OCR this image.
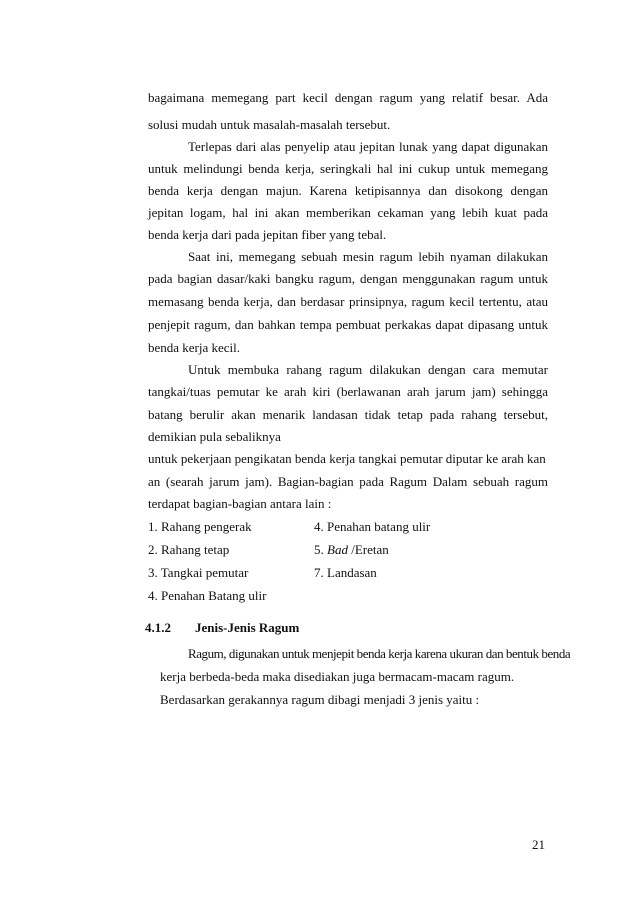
bagaimana memegang part kecil dengan ragum yang relatif besar. Ada

solusi mudah untuk masalah-masalah tersebut.

Terlepas dari alas penyelip atau jepitan lunak yang dapat digunakan

untuk melindungi benda kerja, seringkali hal ini cukup untuk memegang

benda kerja dengan majun. Karena ketipisannya dan disokong dengan

jepitan logam, hal ini akan memberikan cekaman yang lebih kuat pada

benda kerja dari pada jepitan fiber yang tebal.

Saat ini, memegang sebuah mesin ragum lebih nyaman dilakukan

pada bagian dasar/kaki bangku ragum, dengan menggunakan ragum untuk

memasang benda kerja, dan berdasar prinsipnya, ragum kecil tertentu, atau

penjepit ragum, dan bahkan tempa pembuat perkakas dapat dipasang untuk

benda kerja kecil.

Untuk membuka rahang ragum dilakukan dengan cara memutar

tangkai/tuas pemutar ke arah kiri (berlawanan arah jarum jam) sehingga

batang berulir akan menarik landasan tidak tetap pada rahang tersebut,

demikian pula sebaliknya

untuk pekerjaan pengikatan benda kerja tangkai pemutar diputar ke arah kan

an (searah jarum jam). Bagian-bagian pada Ragum Dalam sebuah ragum

terdapat bagian-bagian antara lain :

1. Rahang pengerak

2. Rahang tetap

3. Tangkai pemutar

4. Penahan Batang ulir

4. Penahan batang ulir

5. Bad /Eretan

7. Landasan

4.1.2 Jenis-Jenis Ragum

Ragum, digunakan untuk menjepit benda kerja karena ukuran dan bentuk benda

kerja berbeda-beda maka disediakan juga bermacam-macam ragum.

Berdasarkan gerakannya ragum dibagi menjadi 3 jenis yaitu :

21
